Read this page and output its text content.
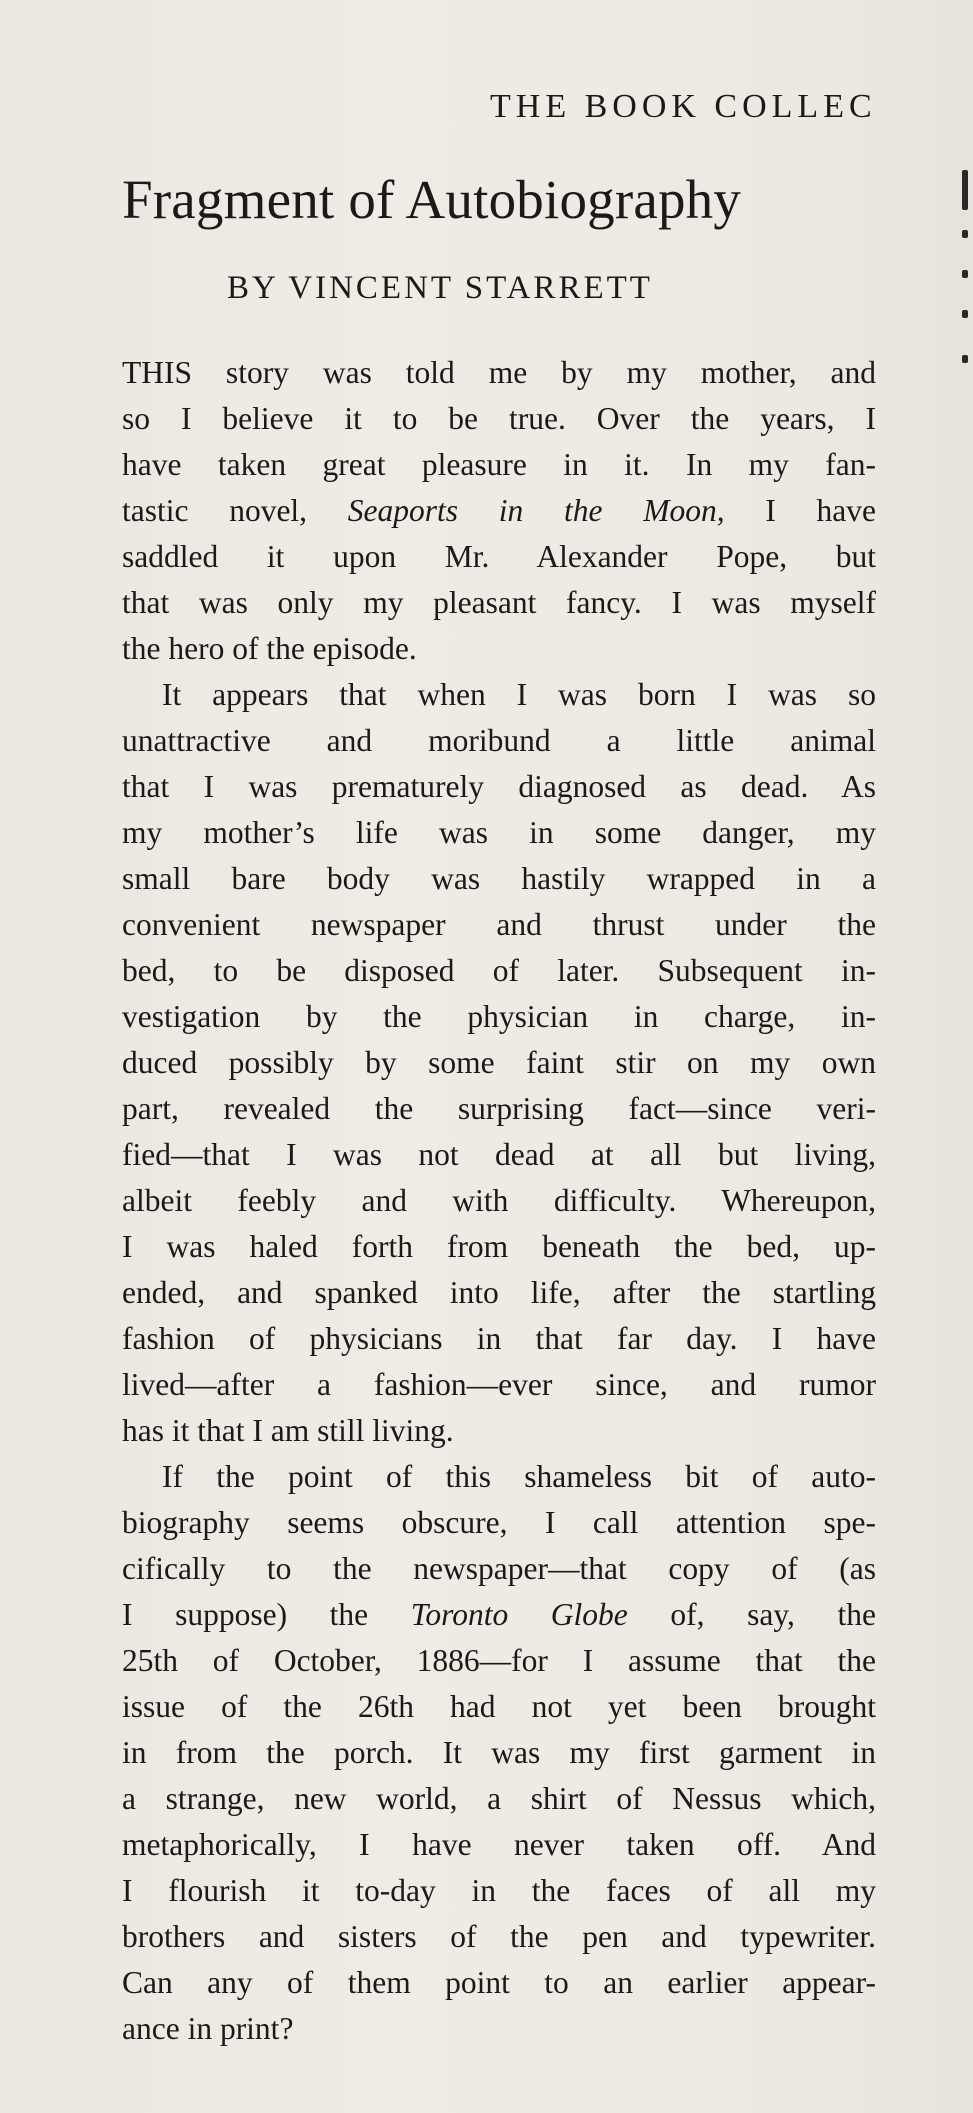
THE BOOK COLLEC
Fragment of Autobiography
BY VINCENT STARRETT
THIS story was told me by my mother, and
so I believe it to be true. Over the years, I
have taken great pleasure in it. In my fan-
tastic novel, Seaports in the Moon, I have
saddled it upon Mr. Alexander Pope, but
that was only my pleasant fancy. I was myself
the hero of the episode.
It appears that when I was born I was so
unattractive and moribund a little animal
that I was prematurely diagnosed as dead. As
my mother’s life was in some danger, my
small bare body was hastily wrapped in a
convenient newspaper and thrust under the
bed, to be disposed of later. Subsequent in-
vestigation by the physician in charge, in-
duced possibly by some faint stir on my own
part, revealed the surprising fact—since veri-
fied—that I was not dead at all but living,
albeit feebly and with difficulty. Whereupon,
I was haled forth from beneath the bed, up-
ended, and spanked into life, after the startling
fashion of physicians in that far day. I have
lived—after a fashion—ever since, and rumor
has it that I am still living.
If the point of this shameless bit of auto-
biography seems obscure, I call attention spe-
cifically to the newspaper—that copy of (as
I suppose) the Toronto Globe of, say, the
25th of October, 1886—for I assume that the
issue of the 26th had not yet been brought
in from the porch. It was my first garment in
a strange, new world, a shirt of Nessus which,
metaphorically, I have never taken off. And
I flourish it to-day in the faces of all my
brothers and sisters of the pen and typewriter.
Can any of them point to an earlier appear-
ance in print?
